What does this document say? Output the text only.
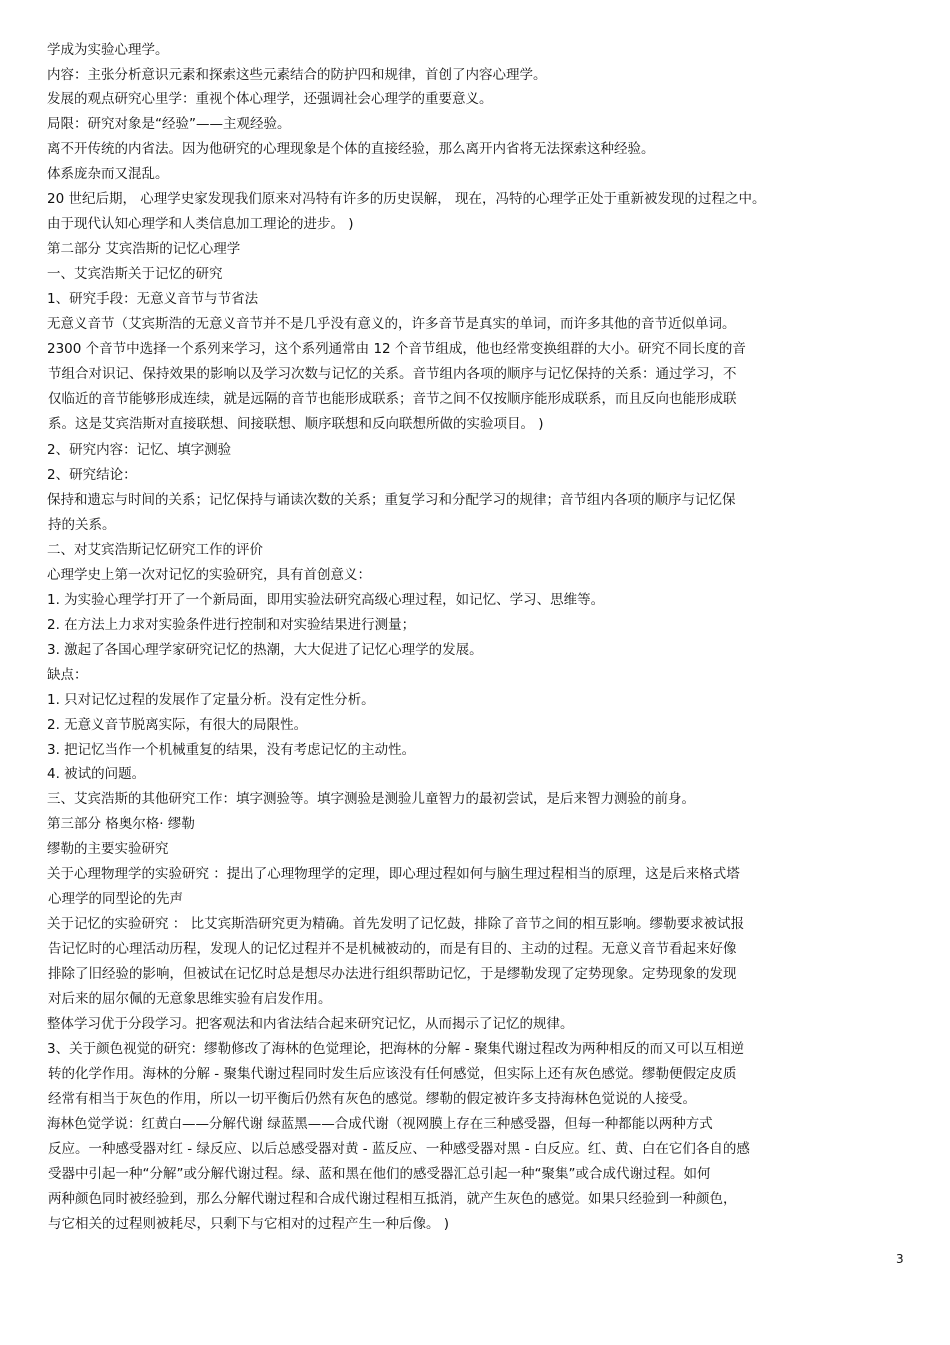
学成为实验心理学。
内容：主张分析意识元素和探索这些元素结合的防护四和规律，首创了内容心理学。
发展的观点研究心里学：重视个体心理学，还强调社会心理学的重要意义。
局限：研究对象是“经验”——主观经验。
离不开传统的内省法。因为他研究的心理现象是个体的直接经验，那么离开内省将无法探索这种经验。
体系庞杂而又混乱。
20 世纪后期， 心理学史家发现我们原来对冯特有许多的历史误解， 现在，冯特的心理学正处于重新被发现的过程之中。
由于现代认知心理学和人类信息加工理论的进步。 )
第二部分 艾宾浩斯的记忆心理学
一、艾宾浩斯关于记忆的研究
1、研究手段：无意义音节与节省法
无意义音节（艾宾斯浩的无意义音节并不是几乎没有意义的，许多音节是真实的单词，而许多其他的音节近似单词。
2300 个音节中选择一个系列来学习，这个系列通常由 12 个音节组成，他也经常变换组群的大小。研究不同长度的音
节组合对识记、保持效果的影响以及学习次数与记忆的关系。音节组内各项的顺序与记忆保持的关系：通过学习，不
仅临近的音节能够形成连续，就是远隔的音节也能形成联系；音节之间不仅按顺序能形成联系，而且反向也能形成联
系。这是艾宾浩斯对直接联想、间接联想、顺序联想和反向联想所做的实验项目。 )
2、研究内容：记忆、填字测验
2、研究结论：
保持和遗忘与时间的关系；记忆保持与诵读次数的关系；重复学习和分配学习的规律；音节组内各项的顺序与记忆保
持的关系。
二、对艾宾浩斯记忆研究工作的评价
心理学史上第一次对记忆的实验研究，具有首创意义：
1. 为实验心理学打开了一个新局面，即用实验法研究高级心理过程，如记忆、学习、思维等。
2. 在方法上力求对实验条件进行控制和对实验结果进行测量；
3. 激起了各国心理学家研究记忆的热潮，大大促进了记忆心理学的发展。
缺点：
1. 只对记忆过程的发展作了定量分析。没有定性分析。
2. 无意义音节脱离实际，有很大的局限性。
3. 把记忆当作一个机械重复的结果，没有考虑记忆的主动性。
4. 被试的问题。
三、艾宾浩斯的其他研究工作：填字测验等。填字测验是测验儿童智力的最初尝试，是后来智力测验的前身。
第三部分 格奥尔格· 缪勒
缪勒的主要实验研究
关于心理物理学的实验研究 ：提出了心理物理学的定理，即心理过程如何与脑生理过程相当的原理，这是后来格式塔
心理学的同型论的先声
关于记忆的实验研究 ： 比艾宾斯浩研究更为精确。首先发明了记忆鼓，排除了音节之间的相互影响。缪勒要求被试报
告记忆时的心理活动历程，发现人的记忆过程并不是机械被动的，而是有目的、主动的过程。无意义音节看起来好像
排除了旧经验的影响，但被试在记忆时总是想尽办法进行组织帮助记忆，于是缪勒发现了定势现象。定势现象的发现
对后来的屈尔佩的无意象思维实验有启发作用。
整体学习优于分段学习。把客观法和内省法结合起来研究记忆，从而揭示了记忆的规律。
3、关于颜色视觉的研究：缪勒修改了海林的色觉理论，把海林的分解 - 聚集代谢过程改为两种相反的而又可以互相逆
转的化学作用。海林的分解 - 聚集代谢过程同时发生后应该没有任何感觉，但实际上还有灰色感觉。缪勒便假定皮质
经常有相当于灰色的作用，所以一切平衡后仍然有灰色的感觉。缪勒的假定被许多支持海林色觉说的人接受。
海林色觉学说：红黄白——分解代谢 绿蓝黑——合成代谢（视网膜上存在三种感受器，但每一种都能以两种方式
反应。一种感受器对红 - 绿反应、以后总感受器对黄 - 蓝反应、一种感受器对黑 - 白反应。红、黄、白在它们各自的感
受器中引起一种“分解”或分解代谢过程。绿、蓝和黑在他们的感受器汇总引起一种“聚集”或合成代谢过程。如何
两种颜色同时被经验到，那么分解代谢过程和合成代谢过程相互抵消，就产生灰色的感觉。如果只经验到一种颜色，
与它相关的过程则被耗尽，只剩下与它相对的过程产生一种后像。 )
3
